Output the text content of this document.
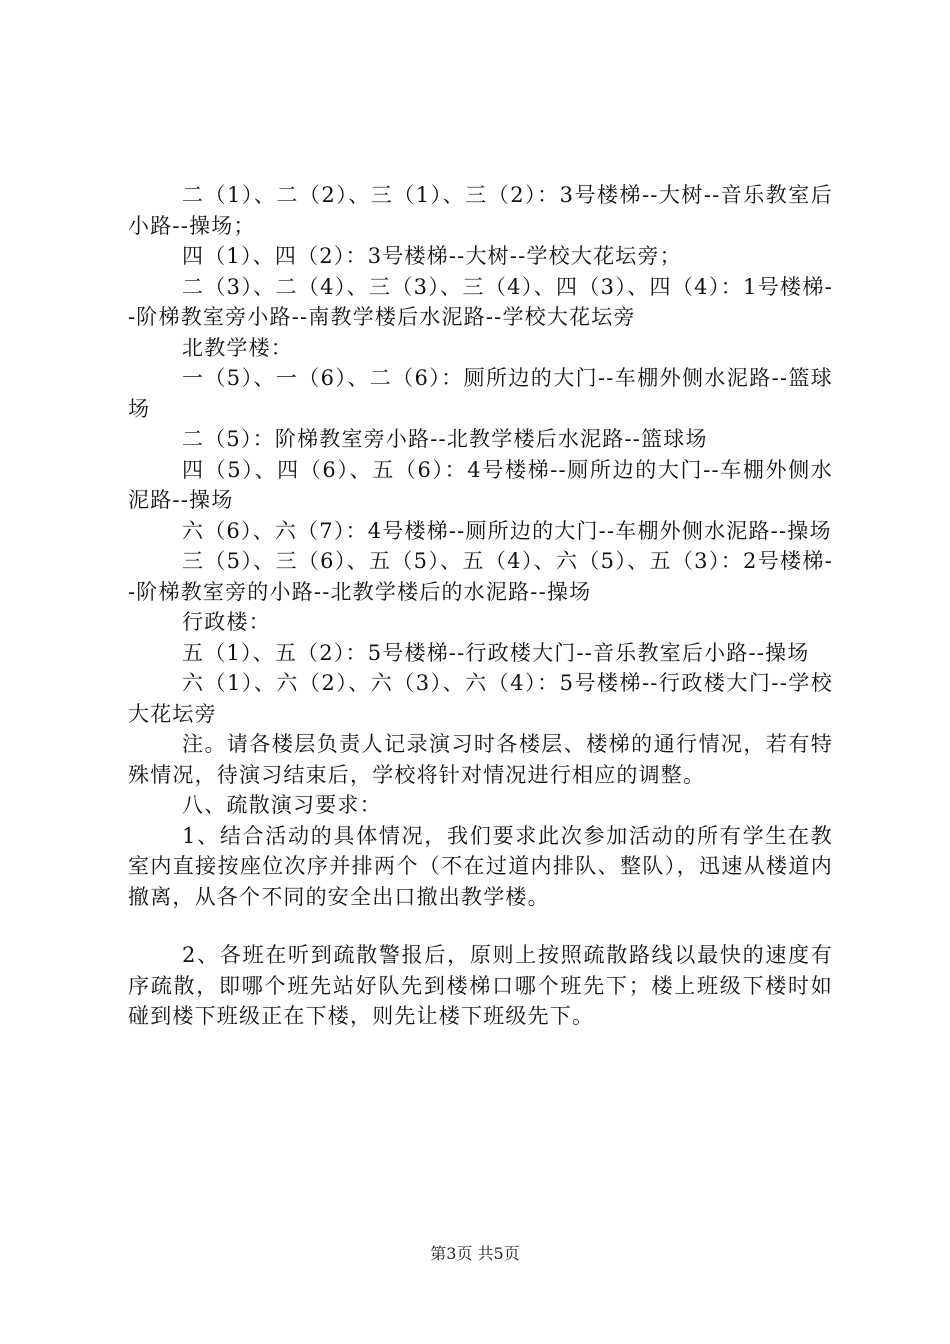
二（1）、二（2）、三（1）、三（2）：3号楼梯--大树--音乐教室后小路--操场；

四（1）、四（2）：3号楼梯--大树--学校大花坛旁；

二（3）、二（4）、三（3）、三（4）、四（3）、四（4）：1号楼梯--阶梯教室旁小路--南教学楼后水泥路--学校大花坛旁

北教学楼：

一（5）、一（6）、二（6）：厕所边的大门--车棚外侧水泥路--篮球场

二（5）：阶梯教室旁小路--北教学楼后水泥路--篮球场

四（5）、四（6）、五（6）：4号楼梯--厕所边的大门--车棚外侧水泥路--操场

六（6）、六（7）：4号楼梯--厕所边的大门--车棚外侧水泥路--操场

三（5）、三（6）、五（5）、五（4）、六（5）、五（3）：2号楼梯--阶梯教室旁的小路--北教学楼后的水泥路--操场

行政楼：

五（1）、五（2）：5号楼梯--行政楼大门--音乐教室后小路--操场

六（1）、六（2）、六（3）、六（4）：5号楼梯--行政楼大门--学校大花坛旁

注。请各楼层负责人记录演习时各楼层、楼梯的通行情况，若有特殊情况，待演习结束后，学校将针对情况进行相应的调整。

八、疏散演习要求：

1、结合活动的具体情况，我们要求此次参加活动的所有学生在教室内直接按座位次序并排两个（不在过道内排队、整队），迅速从楼道内撤离，从各个不同的安全出口撤出教学楼。

2、各班在听到疏散警报后，原则上按照疏散路线以最快的速度有序疏散，即哪个班先站好队先到楼梯口哪个班先下；楼上班级下楼时如碰到楼下班级正在下楼，则先让楼下班级先下。

第3页 共5页
